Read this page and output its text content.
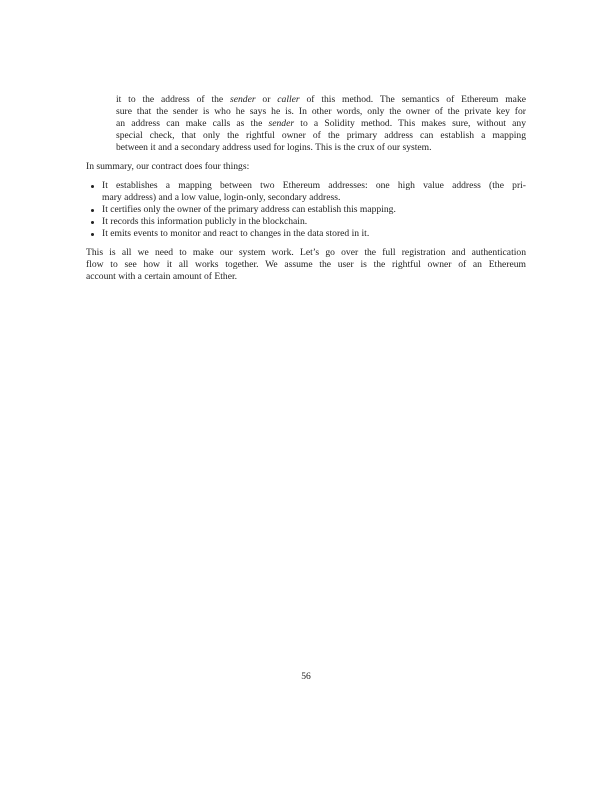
it to the address of the sender or caller of this method. The semantics of Ethereum make
sure that the sender is who he says he is. In other words, only the owner of the private key for
an address can make calls as the sender to a Solidity method. This makes sure, without any
special check, that only the rightful owner of the primary address can establish a mapping
between it and a secondary address used for logins. This is the crux of our system.
In summary, our contract does four things:
It establishes a mapping between two Ethereum addresses: one high value address (the pri-
mary address) and a low value, login-only, secondary address.
It certifies only the owner of the primary address can establish this mapping.
It records this information publicly in the blockchain.
It emits events to monitor and react to changes in the data stored in it.
This is all we need to make our system work. Let’s go over the full registration and authentication
flow to see how it all works together. We assume the user is the rightful owner of an Ethereum
account with a certain amount of Ether.
56
